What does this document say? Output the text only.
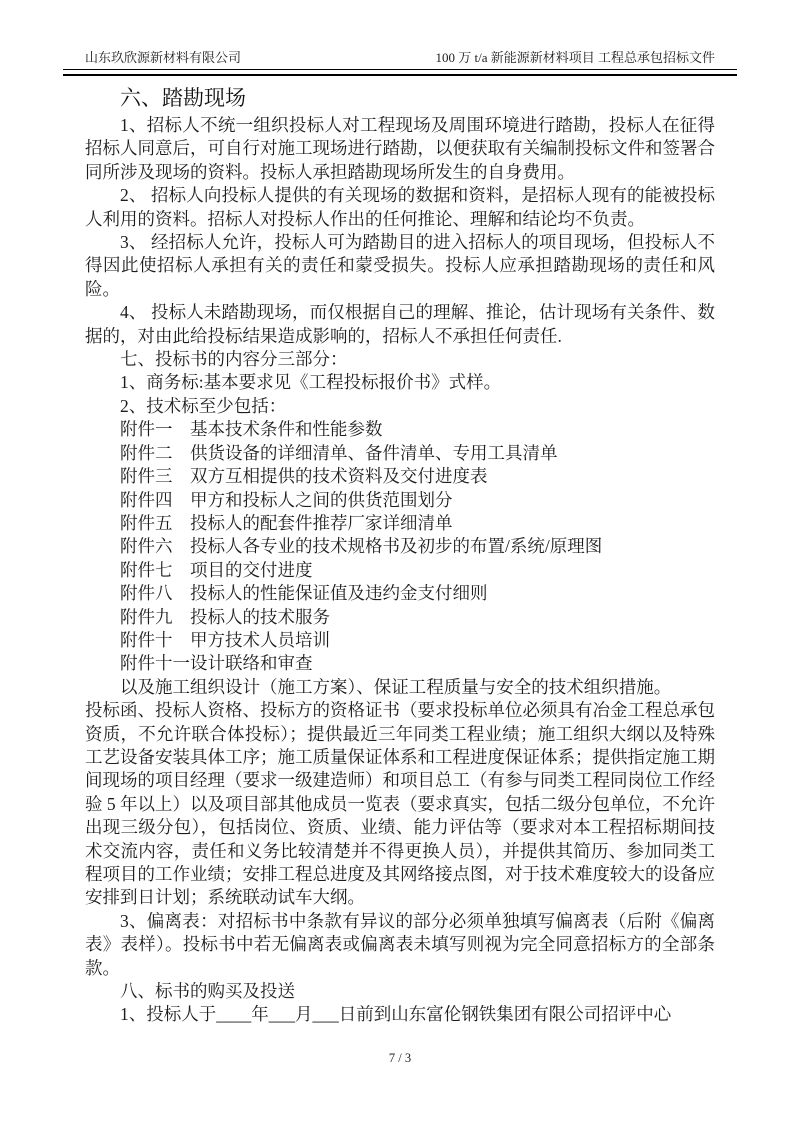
山东玖欣源新材料有限公司	100 万 t/a 新能源新材料项目 工程总承包招标文件
六、踏勘现场

1、招标人不统一组织投标人对工程现场及周围环境进行踏勘，投标人在征得招标人同意后，可自行对施工现场进行踏勘，以便获取有关编制投标文件和签署合同所涉及现场的资料。投标人承担踏勘现场所发生的自身费用。

2、 招标人向投标人提供的有关现场的数据和资料，是招标人现有的能被投标人利用的资料。招标人对投标人作出的任何推论、理解和结论均不负责。

3、 经招标人允许，投标人可为踏勘目的进入招标人的项目现场，但投标人不得因此使招标人承担有关的责任和蒙受损失。投标人应承担踏勘现场的责任和风险。

4、 投标人未踏勘现场，而仅根据自己的理解、推论，估计现场有关条件、数据的，对由此给投标结果造成影响的，招标人不承担任何责任.

七、投标书的内容分三部分：

1、商务标:基本要求见《工程投标报价书》式样。

2、技术标至少包括：

附件一　基本技术条件和性能参数

附件二　供货设备的详细清单、备件清单、专用工具清单

附件三　双方互相提供的技术资料及交付进度表

附件四　甲方和投标人之间的供货范围划分

附件五　投标人的配套件推荐厂家详细清单

附件六　投标人各专业的技术规格书及初步的布置/系统/原理图

附件七　项目的交付进度

附件八　投标人的性能保证值及违约金支付细则

附件九　投标人的技术服务

附件十　甲方技术人员培训

附件十一设计联络和审查

以及施工组织设计（施工方案）、保证工程质量与安全的技术组织措施。

投标函、投标人资格、投标方的资格证书（要求投标单位必须具有冶金工程总承包资质，不允许联合体投标）；提供最近三年同类工程业绩；施工组织大纲以及特殊工艺设备安装具体工序；施工质量保证体系和工程进度保证体系；提供指定施工期间现场的项目经理（要求一级建造师）和项目总工（有参与同类工程同岗位工作经验 5 年以上）以及项目部其他成员一览表（要求真实，包括二级分包单位，不允许出现三级分包），包括岗位、资质、业绩、能力评估等（要求对本工程招标期间技术交流内容，责任和义务比较清楚并不得更换人员），并提供其简历、参加同类工程项目的工作业绩；安排工程总进度及其网络接点图，对于技术难度较大的设备应安排到日计划；系统联动试车大纲。

3、偏离表：对招标书中条款有异议的部分必须单独填写偏离表（后附《偏离表》表样）。投标书中若无偏离表或偏离表未填写则视为完全同意招标方的全部条款。

八、标书的购买及投送

1、投标人于____年___月___日前到山东富伦钢铁集团有限公司招评中心

7 / 3
